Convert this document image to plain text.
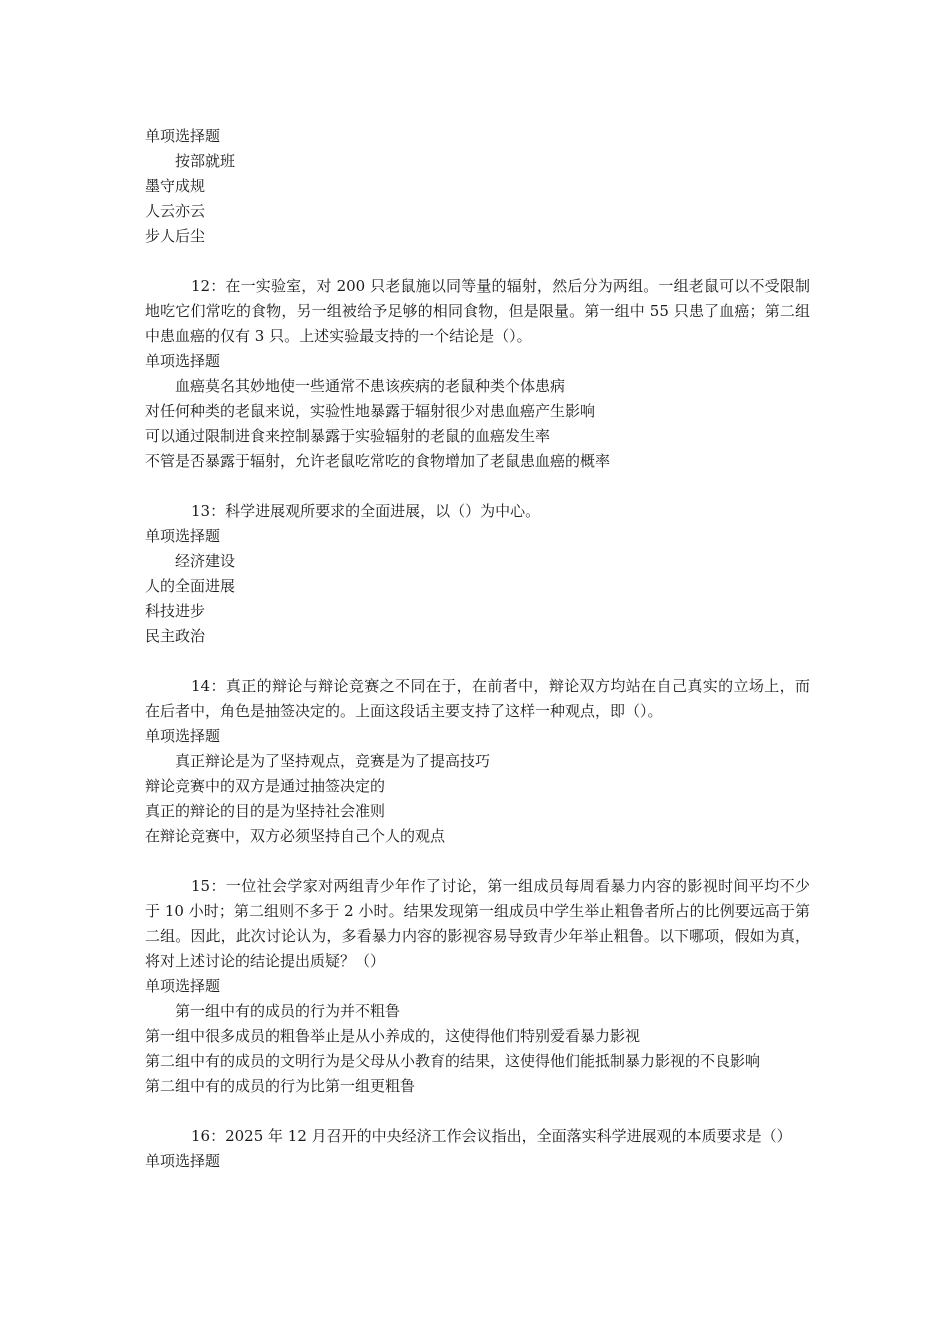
单项选择题
按部就班
墨守成规
人云亦云
步人后尘
12：在一实验室，对 200 只老鼠施以同等量的辐射，然后分为两组。一组老鼠可以不受限制地吃它们常吃的食物，另一组被给予足够的相同食物，但是限量。第一组中 55 只患了血癌；第二组中患血癌的仅有 3 只。上述实验最支持的一个结论是（）。
单项选择题
血癌莫名其妙地使一些通常不患该疾病的老鼠种类个体患病
对任何种类的老鼠来说，实验性地暴露于辐射很少对患血癌产生影响
可以通过限制进食来控制暴露于实验辐射的老鼠的血癌发生率
不管是否暴露于辐射，允许老鼠吃常吃的食物增加了老鼠患血癌的概率
13：科学进展观所要求的全面进展，以（）为中心。
单项选择题
经济建设
人的全面进展
科技进步
民主政治
14：真正的辩论与辩论竞赛之不同在于，在前者中，辩论双方均站在自己真实的立场上，而在后者中，角色是抽签决定的。上面这段话主要支持了这样一种观点，即（）。
单项选择题
真正辩论是为了坚持观点，竞赛是为了提高技巧
辩论竞赛中的双方是通过抽签决定的
真正的辩论的目的是为坚持社会准则
在辩论竞赛中，双方必须坚持自己个人的观点
15：一位社会学家对两组青少年作了讨论，第一组成员每周看暴力内容的影视时间平均不少于 10 小时；第二组则不多于 2 小时。结果发现第一组成员中学生举止粗鲁者所占的比例要远高于第二组。因此，此次讨论认为，多看暴力内容的影视容易导致青少年举止粗鲁。以下哪项，假如为真，将对上述讨论的结论提出质疑？（）
单项选择题
第一组中有的成员的行为并不粗鲁
第一组中很多成员的粗鲁举止是从小养成的，这使得他们特别爱看暴力影视
第二组中有的成员的文明行为是父母从小教育的结果，这使得他们能抵制暴力影视的不良影响
第二组中有的成员的行为比第一组更粗鲁
16：2025 年 12 月召开的中央经济工作会议指出，全面落实科学进展观的本质要求是（）
单项选择题
